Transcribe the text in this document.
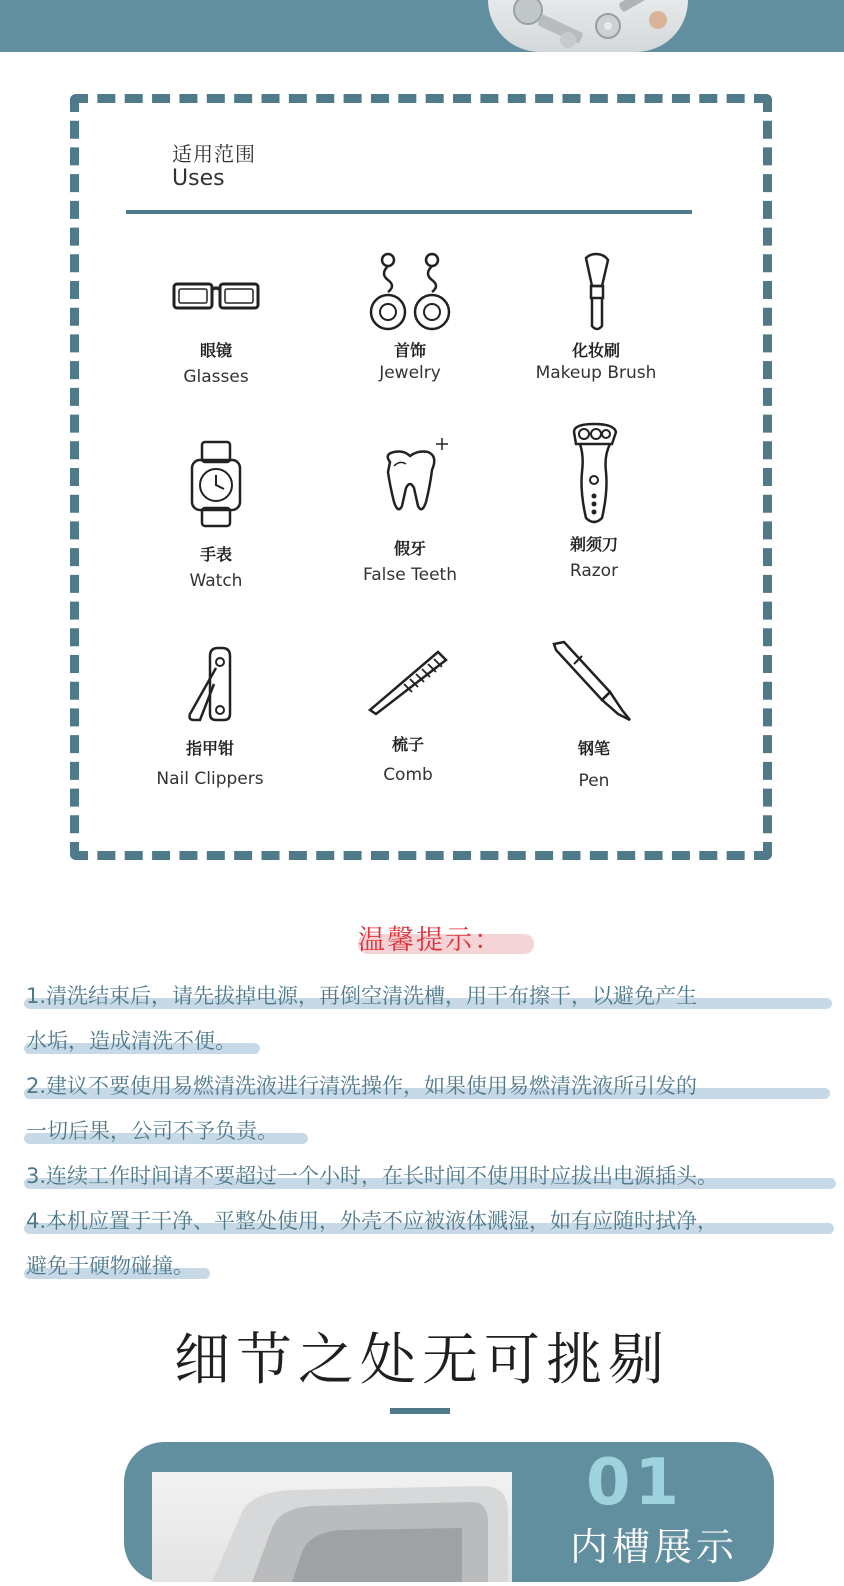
适用范围
Uses
眼镜
Glasses
首饰
Jewelry
化妆刷
Makeup Brush
手表
Watch
假牙
False Teeth
剃须刀
Razor
指甲钳
Nail Clippers
梳子
Comb
钢笔
Pen
温馨提示：
1.清洗结束后，请先拔掉电源，再倒空清洗槽，用干布擦干，以避免产生
水垢，造成清洗不便。
2.建议不要使用易燃清洗液进行清洗操作，如果使用易燃清洗液所引发的
一切后果，公司不予负责。
3.连续工作时间请不要超过一个小时，在长时间不使用时应拔出电源插头。
4.本机应置于干净、平整处使用，外壳不应被液体溅湿，如有应随时拭净，
避免于硬物碰撞。
细节之处无可挑剔
01
内槽展示
